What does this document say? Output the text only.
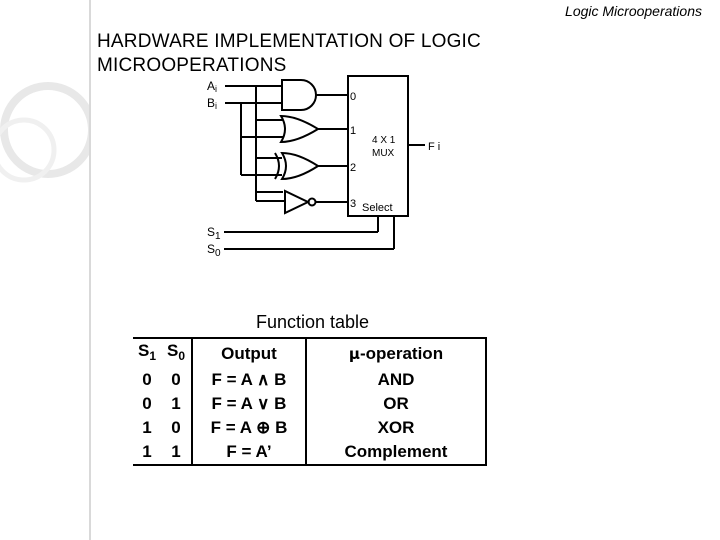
Logic Microoperations
HARDWARE IMPLEMENTATION OF LOGIC MICROOPERATIONS
Ai
Bi
0
1
2
3
4 X 1
MUX
Select
F i
$S_1$
$S_0$
Function table
$S_1$	$S_0$	Output	μ-operation
0	0	F = A ∧ B	AND
0	1	F = A ∨ B	OR
1	0	F = A ⊕ B	XOR
1	1	F = A’	Complement
